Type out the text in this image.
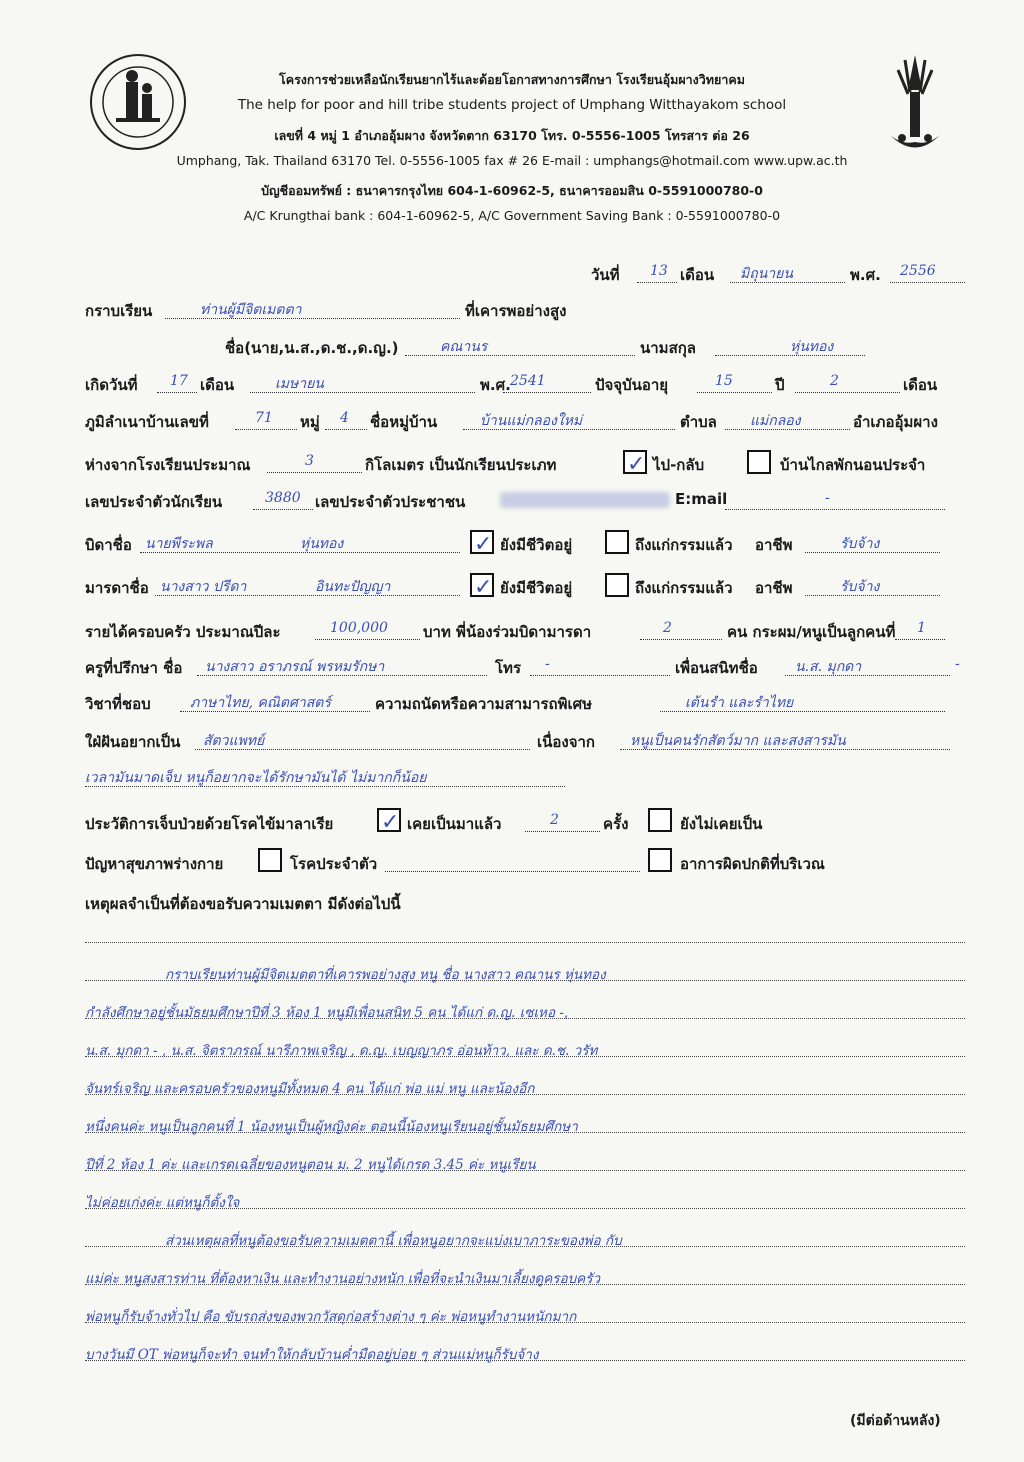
โครงการช่วยเหลือนักเรียนยากไร้และด้อยโอกาสทางการศึกษา โรงเรียนอุ้มผางวิทยาคม
The help for poor and hill tribe students project of Umphang Witthayakom school
เลขที่ 4 หมู่ 1 อำเภออุ้มผาง จังหวัดตาก 63170 โทร. 0-5556-1005 โทรสาร ต่อ 26
Umphang, Tak. Thailand 63170 Tel. 0-5556-1005 fax # 26 E-mail : umphangs@hotmail.com www.upw.ac.th
บัญชีออมทรัพย์ : ธนาคารกรุงไทย 604-1-60962-5, ธนาคารออมสิน 0-5591000780-0
A/C Krungthai bank : 604-1-60962-5, A/C Government Saving Bank : 0-5591000780-0
วันที่ 13 เดือน มิถุนายน	พ.ศ. 2556
กราบเรียน	ท่านผู้มีจิตเมตตา	ที่เคารพอย่างสูง
ชื่อ(นาย,น.ส.,ด.ช.,ด.ญ.)	คณานร	นามสกุล	หุ่นทอง
เกิดวันที่ 17 เดือน	เมษายน	พ.ศ. 2541	ปัจจุบันอายุ	15	ปี	2	เดือน
ภูมิลำเนาบ้านเลขที่	71 หมู่ 4 ชื่อหมู่บ้าน	บ้านแม่กลองใหม่	ตำบล แม่กลอง	อำเภออุ้มผาง
ห่างจากโรงเรียนประมาณ	3	กิโลเมตร เป็นนักเรียนประเภท	✓ ไป-กลับ	บ้านไกลพักนอนประจำ
เลขประจำตัวนักเรียน	3880 เลขประจำตัวประชาชน	E:mail	-
บิดาชื่อ นายพีระพล	หุ่นทอง	✓ ยังมีชีวิตอยู่	ถึงแก่กรรมแล้ว อาชีพ	รับจ้าง
มารดาชื่อ นางสาว ปรีดา	อินทะปัญญา	✓ ยังมีชีวิตอยู่	ถึงแก่กรรมแล้ว อาชีพ	รับจ้าง
รายได้ครอบครัว ประมาณปีละ	100,000 บาท พี่น้องร่วมบิดามารดา	2	คน กระผม/หนูเป็นลูกคนที่ 1
ครูที่ปรึกษา ชื่อ นางสาว อราภรณ์ พรหมรักษา	โทร -	เพื่อนสนิทชื่อ	น.ส. มุกดา	-
วิชาที่ชอบ	ภาษาไทย, คณิตศาสตร์	ความถนัดหรือความสามารถพิเศษ	เต้นรำ และรำไทย
ใฝ่ฝันอยากเป็น สัตวแพทย์	เนื่องจาก หนูเป็นคนรักสัตว์มาก และสงสารมัน
เวลามันมาดเจ็บ หนูก็อยากจะได้รักษามันได้ ไม่มากก็น้อย
ประวัติการเจ็บป่วยด้วยโรคไข้มาลาเรีย ✓ เคยเป็นมาแล้ว	2	ครั้ง	ยังไม่เคยเป็น
ปัญหาสุขภาพร่างกาย	โรคประจำตัว	อาการผิดปกติที่บริเวณ
เหตุผลจำเป็นที่ต้องขอรับความเมตตา มีดังต่อไปนี้
กราบเรียนท่านผู้มีจิตเมตตาที่เคารพอย่างสูง หนู ชื่อ นางสาว คณานร หุ่นทอง
กำลังศึกษาอยู่ชั้นมัธยมศึกษาปีที่ 3 ห้อง 1 หนูมีเพื่อนสนิท 5 คน ได้แก่ ด.ญ. เซเหอ -,
น.ส. มุกดา - , น.ส. จิตราภรณ์ นารีภาพเจริญ , ด.ญ. เบญญาภร อ่อนท้าว, และ ด.ช. วรัท
จันทร์เจริญ และครอบครัวของหนูมีทั้งหมด 4 คน ได้แก่ พ่อ แม่ หนู และน้องอีก
หนึ่งคนค่ะ หนูเป็นลูกคนที่ 1 น้องหนูเป็นผู้หญิงค่ะ ตอนนี้น้องหนูเรียนอยู่ชั้นมัธยมศึกษา
ปีที่ 2 ห้อง 1 ค่ะ และเกรดเฉลี่ยของหนูตอน ม. 2 หนูได้เกรด 3.45 ค่ะ หนูเรียน
ไม่ค่อยเก่งค่ะ แต่หนูก็ตั้งใจ
ส่วนเหตุผลที่หนูต้องขอรับความเมตตานี้ เพื่อหนูอยากจะแบ่งเบาภาระของพ่อ กับ
แม่ค่ะ หนูสงสารท่าน ที่ต้องหาเงิน และทำงานอย่างหนัก เพื่อที่จะนำเงินมาเลี้ยงดูครอบครัว
พ่อหนูก็รับจ้างทั่วไป คือ ขับรถส่งของพวกวัสดุก่อสร้างต่าง ๆ ค่ะ พ่อหนูทำงานหนักมาก
บางวันมี OT พ่อหนูก็จะทำ จนทำให้กลับบ้านค่ำมืดอยู่บ่อย ๆ ส่วนแม่หนูก็รับจ้าง
(มีต่อด้านหลัง)
